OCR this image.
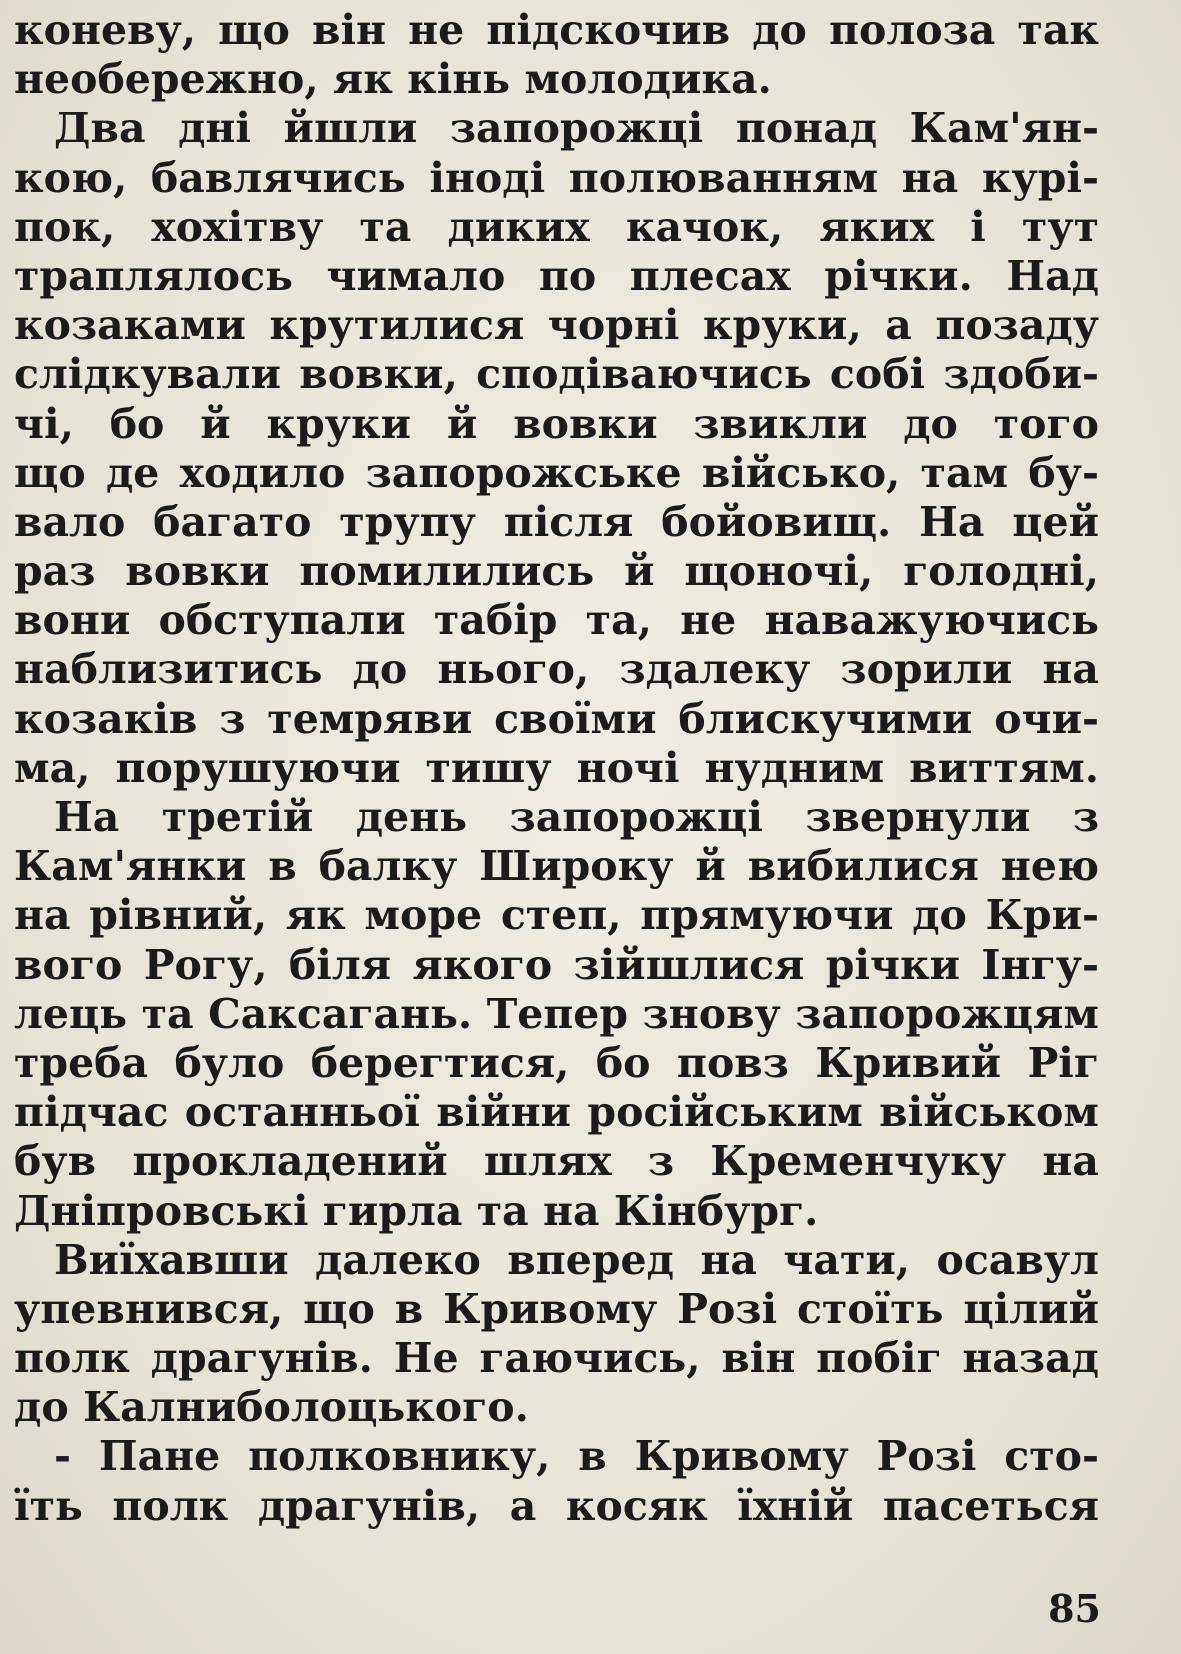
коневу, що він не підскочив до полоза так
необережно, як кінь молодика.
Два дні йшли запорожці понад Кам'ян-
кою, бавлячись іноді полюванням на курі-
пок, хохітву та диких качок, яких і тут
траплялось чимало по плесах річки. Над
козаками крутилися чорні круки, а позаду
слідкували вовки, сподіваючись собі здоби-
чі, бо й круки й вовки звикли до того
що де ходило запорожське військо, там бу-
вало багато трупу після бойовищ. На цей
раз вовки помилились й щоночі, голодні,
вони обступали табір та, не наважуючись
наблизитись до нього, здалеку зорили на
козаків з темряви своїми блискучими очи-
ма, порушуючи тишу ночі нудним виттям.
На третій день запорожці звернули з
Кам'янки в балку Широку й вибилися нею
на рівний, як море степ, прямуючи до Кри-
вого Рогу, біля якого зійшлися річки Інгу-
лець та Саксагань. Тепер знову запорожцям
треба було берегтися, бо повз Кривий Ріг
підчас останньої війни російським військом
був прокладений шлях з Кременчуку на
Дніпровські гирла та на Кінбург.
Виїхавши далеко вперед на чати, осавул
упевнився, що в Кривому Розі стоїть цілий
полк драгунів. Не гаючись, він побіг назад
до Калниболоцького.
- Пане полковнику, в Кривому Розі сто-
їть полк драгунів, а косяк їхній пасеться
85
